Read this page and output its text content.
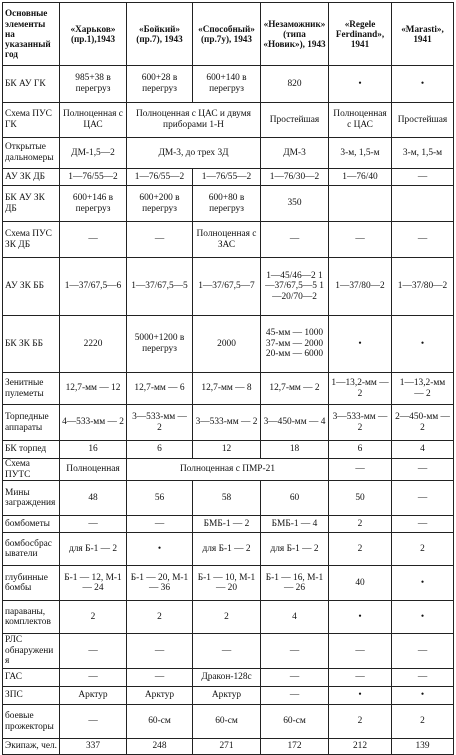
Основные элементы на указанный год	«Харьков» (пр.1),1943	«Бойкий» (пр.7), 1943	«Способный» (пр.7у), 1943	«Незаможник» (типа «Новик»), 1943	«Regele Ferdinand», 1941	«Marasti», 1941
БК АУ ГК	985+38 в перегруз	600+28 в перегруз	600+140 в перегруз	820	•	•
Схема ПУС ГК	Полноценная с ЦАС	Полноценная с ЦАС и двумя приборами 1-Н		Простейшая	Полноценная с ЦАС	Простейшая
Открытые дальномеры	ДМ-1,5—2	ДМ-3, до трех 3Д		ДМ-3	3-м, 1,5-м	3-м, 1,5-м
АУ ЗК ДБ	1—76/55—2	1—76/55—2	1—76/55—2	1—76/30—2	1—76/40	—
БК АУ ЗК ДБ	600+146 в перегруз	600+200 в перегруз	600+80 в перегруз	350		
Схема ПУС ЗК ДБ	—	—	Полноценная с ЗАС	—	—	—
АУ ЗК ББ	1—37/67,5—6	1—37/67,5—5	1—37/67,5—7	1—45/46—2 1—37/67,5—5 1—20/70—2	1—37/80—2	1—37/80—2
БК ЗК ББ	2220	5000+1200 в перегруз	2000	45-мм — 1000 37-мм — 2000 20-мм — 6000	•	•
Зенитные пулеметы	12,7-мм — 12	12,7-мм — 6	12,7-мм — 8	12,7-мм — 2	1—13,2-мм — 2	1—13,2-мм — 2
Торпедные аппараты	4—533-мм — 2	3—533-мм — 2	3—533-мм — 2	3—450-мм — 4	3—533-мм — 2	2—450-мм — 2
БК торпед	16	6	12	18	6	4
Схема ПУТС	Полноценная	Полноценная с ПМР-21			—	—
Мины заграждения	48	56	58	60	50	—
бомбометы	—	—	БМБ-1 — 2	БМБ-1 — 4	2	—
бомбосбрасыватели	для Б-1 — 2	•	для Б-1 — 2	для Б-1 — 2	2	2
глубинные бомбы	Б-1 — 12, М-1 — 24	Б-1 — 20, М-1 — 36	Б-1 — 10, М-1 — 20	Б-1 — 16, М-1 — 26	40	•
параваны, комплектов	2	2	2	4	•	•
РЛС обнаружения	—	—	—	—	—	—
ГАС	—	—	Дракон-128с	—	—	—
ЗПС	Арктур	Арктур	Арктур	—	•	•
боевые прожекторы	—	60-см	60-см	60-см	2	2
Экипаж, чел.	337	248	271	172	212	139
